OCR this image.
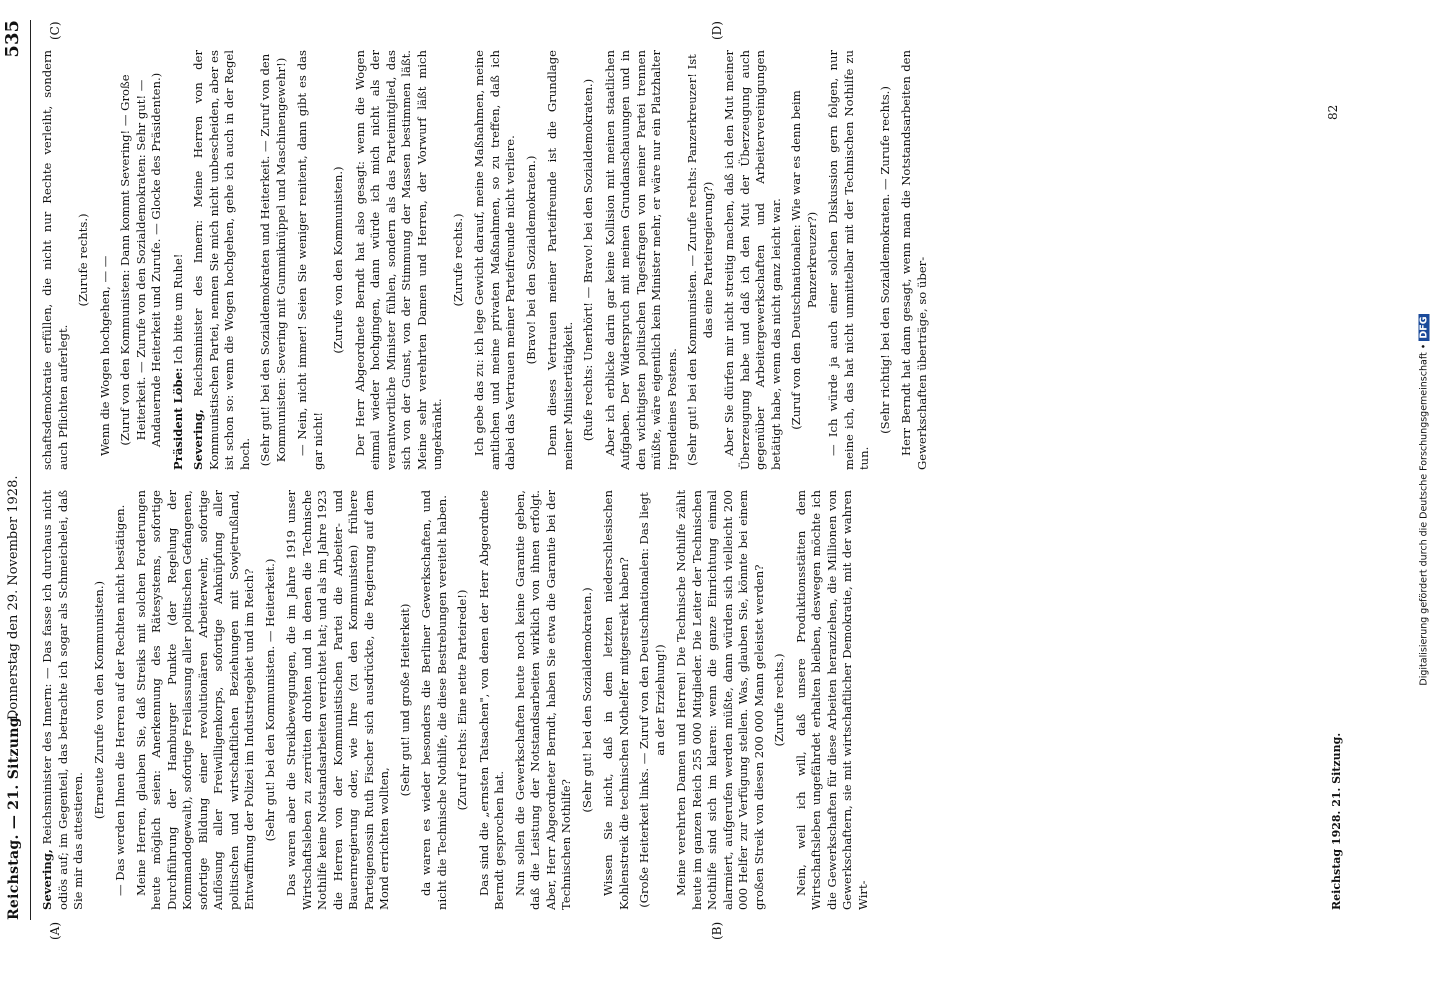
Reichstag. — 21. Sitzung.
Donnerstag den 29. November 1928.
535
(A)	(B)
(C)	(D)

Severing, Reichsminister des Innern: — Das fasse ich durchaus nicht odiös auf; im Gegenteil, das betrachte ich sogar als Schmeichelei, daß Sie mir das attestieren.

(Erneute Zurufe von den Kommunisten.) — Das werden Ihnen die Herren auf der Rechten nicht bestätigen. Meine Herren, glauben Sie, daß Streiks mit solchen Forderungen heute möglich seien: Anerkennung des Rätesystems, sofortige Durchführung der Hamburger Punkte (der Regelung der Kommandogewalt), sofortige Freilassung aller politischen Gefangenen, sofortige Bildung einer revolutionären Arbeiterwehr, sofortige Auflösung aller Freiwilligenkorps, sofortige Anknüpfung aller politischen und wirtschaftlichen Beziehungen mit Sowjetrußland, Entwaffnung der Polizei im Industriegebiet und im Reich? (Sehr gut! bei den Kommunisten. — Heiterkeit.) Das waren aber die Streikbewegungen, die im Jahre 1919 unser Wirtschaftsleben zu zerrütten drohten und in denen die Technische Nothilfe keine Notstandsarbeiten verrichtet hat; und als im Jahre 1923 die Herren von der Kommunistischen Partei die Arbeiter- und Bauernregierung oder, wie Ihre (zu den Kommunisten) frühere Parteigenossin Ruth Fischer sich ausdrückte, die Regierung auf dem Mond errichten wollten,

(Sehr gut! und große Heiterkeit) da waren es wieder besonders die Berliner Gewerkschaften, und nicht die Technische Nothilfe, die diese Bestrebungen vereitelt haben. (Zuruf rechts: Eine nette Parteirede!) Das sind die „ernsten Tatsachen", von denen der Herr Abgeordnete Berndt gesprochen hat. Nun sollen die Gewerkschaften heute noch keine Garantie geben, daß die Leistung der Notstandsarbeiten wirklich von ihnen erfolgt. Aber, Herr Abgeordneter Berndt, haben Sie etwa die Garantie bei der Technischen Nothilfe?

(Sehr gut! bei den Sozialdemokraten.) Wissen Sie nicht, daß in dem letzten niederschlesischen Kohlenstreik die technischen Nothelfer mitgestreikt haben? (Große Heiterkeit links. — Zuruf von den Deutschnationalen: Das liegt an der Erziehung!) Meine verehrten Damen und Herren! Die Technische Nothilfe zählt heute im ganzen Reich 255 000 Mitglieder. Die Leiter der Technischen Nothilfe sind sich im klaren: wenn die ganze Einrichtung einmal alarmiert, aufgerufen werden müßte, dann würden sich vielleicht 200 000 Helfer zur Verfügung stellen. Was, glauben Sie, könnte bei einem großen Streik von diesen 200 000 Mann geleistet werden? (Zurufe rechts.) Nein, weil ich will, daß unsere Produktionsstätten dem Wirtschaftsleben ungefährdet erhalten bleiben, deswegen möchte ich die Gewerkschaften für diese Arbeiten heranziehen, die Millionen von Gewerkschaftern, sie mit wirtschaftlicher Demokratie, mit der wahren Wirt-

schaftsdemokratie erfüllen, die nicht nur Rechte verleiht, sondern auch Pflichten auferlegt.

(Zurufe rechts.) Wenn die Wogen hochgehen, — — (Zuruf von den Kommunisten: Dann kommt Severing! — Große Heiterkeit. — Zurufe von den Sozialdemokraten: Sehr gut! — Andauernde Heiterkeit und Zurufe. — Glocke des Präsidenten.) Präsident Löbe: Ich bitte um Ruhe!

Severing, Reichsminister des Innern: Meine Herren von der Kommunistischen Partei, nennen Sie mich nicht unbescheiden, aber es ist schon so: wenn die Wogen hochgehen, gehe ich auch in der Regel hoch. (Sehr gut! bei den Sozialdemokraten und Heiterkeit. — Zuruf von den Kommunisten: Severing mit Gummiknüppel und Maschinengewehr!) — Nein, nicht immer! Seien Sie weniger renitent, dann gibt es das gar nicht!

(Zurufe von den Kommunisten.) Der Herr Abgeordnete Berndt hat also gesagt: wenn die Wogen einmal wieder hochgingen, dann würde ich mich nicht als der verantwortliche Minister fühlen, sondern als das Parteimitglied, das sich von der Gunst, von der Stimmung der Massen bestimmen läßt. Meine sehr verehrten Damen und Herren, der Vorwurf läßt mich ungekränkt.

(Zurufe rechts.) Ich gebe das zu: ich lege Gewicht darauf, meine Maßnahmen, meine amtlichen und meine privaten Maßnahmen, so zu treffen, daß ich dabei das Vertrauen meiner Parteifreunde nicht verliere. (Bravo! bei den Sozialdemokraten.) Denn dieses Vertrauen meiner Parteifreunde ist die Grundlage meiner Ministertätigkeit. (Rufe rechts: Unerhört! — Bravo! bei den Sozialdemokraten.) Aber ich erblicke darin gar keine Kollision mit meinen staatlichen Aufgaben. Der Widerspruch mit meinen Grundanschauungen und in den wichtigsten politischen Tagesfragen von meiner Partei trennen müßte, wäre eigentlich kein Minister mehr, er wäre nur ein Platzhalter irgendeines Postens. (Sehr gut! bei den Kommunisten. — Zurufe rechts: Panzerkreuzer! Ist das eine Parteiregierung?) Aber Sie dürfen mir nicht streitig machen, daß ich den Mut meiner Überzeugung habe und daß ich den Mut der Überzeugung auch gegenüber Arbeitergewerkschaften und Arbeitervereinigungen betätigt habe, wenn das nicht ganz leicht war. (Zuruf von den Deutschnationalen: Wie war es denn beim Panzerkreuzer?) — Ich würde ja auch einer solchen Diskussion gern folgen, nur meine ich, das hat nicht unmittelbar mit der Technischen Nothilfe zu tun.

(Sehr richtig! bei den Sozialdemokraten. — Zurufe rechts.) Herr Berndt hat dann gesagt, wenn man die Notstandsarbeiten den Gewerkschaften überträge, so über-

Reichstag 1928. 21. Sitzung.
82
Digitalisierung gefördert durch die Deutsche Forschungsgemeinschaft • DFG
